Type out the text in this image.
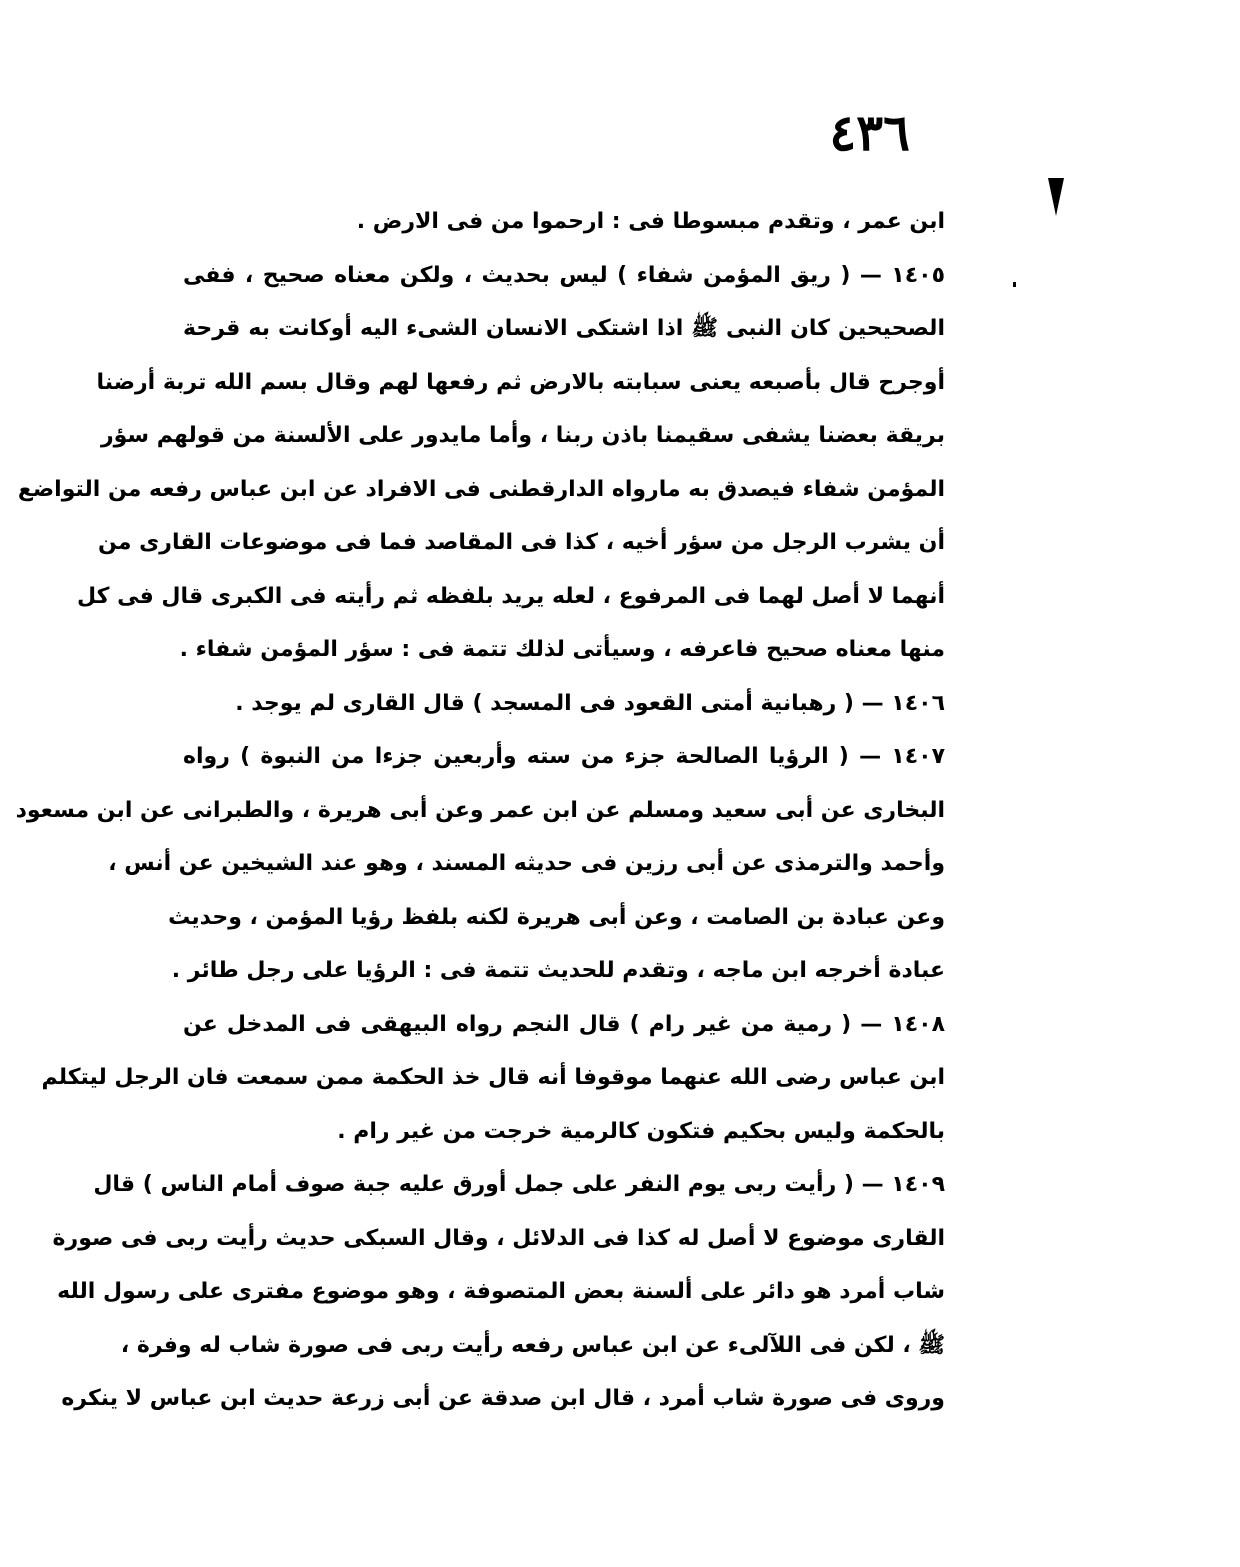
٤٣٦
ابن عمر ، وتقدم مبسوطا فى : ارحموا من فى الارض .
١٤٠٥ — ( ريق المؤمن شفاء ) ليس بحديث ، ولكن معناه صحيح ، ففى
الصحيحين كان النبى ﷺ اذا اشتكى الانسان الشىء اليه أوكانت به قرحة
أوجرح قال بأصبعه يعنى سبابته بالارض ثم رفعها لهم وقال بسم الله تربة أرضنا
بريقة بعضنا يشفى سقيمنا باذن ربنا ، وأما مايدور على الألسنة من قولهم سؤر
المؤمن شفاء فيصدق به مارواه الدارقطنى فى الافراد عن ابن عباس رفعه من التواضع
أن يشرب الرجل من سؤر أخيه ، كذا فى المقاصد فما فى موضوعات القارى من
أنهما لا أصل لهما فى المرفوع ، لعله يريد بلفظه ثم رأيته فى الكبرى قال فى كل
منها معناه صحيح فاعرفه ، وسيأتى لذلك تتمة فى : سؤر المؤمن شفاء .
١٤٠٦ — ( رهبانية أمتى القعود فى المسجد ) قال القارى لم يوجد .
١٤٠٧ — ( الرؤيا الصالحة جزء من سته وأربعين جزءا من النبوة ) رواه
البخارى عن أبى سعيد ومسلم عن ابن عمر وعن أبى هريرة ، والطبرانى عن ابن مسعود
وأحمد والترمذى عن أبى رزين فى حديثه المسند ، وهو عند الشيخين عن أنس ،
وعن عبادة بن الصامت ، وعن أبى هريرة لكنه بلفظ رؤيا المؤمن ، وحديث
عبادة أخرجه ابن ماجه ، وتقدم للحديث تتمة فى : الرؤيا على رجل طائر .
١٤٠٨ — ( رمية من غير رام ) قال النجم رواه البيهقى فى المدخل عن
ابن عباس رضى الله عنهما موقوفا أنه قال خذ الحكمة ممن سمعت فان الرجل ليتكلم
بالحكمة وليس بحكيم فتكون كالرمية خرجت من غير رام .
١٤٠٩ — ( رأيت ربى يوم النفر على جمل أورق عليه جبة صوف أمام الناس ) قال
القارى موضوع لا أصل له كذا فى الدلائل ، وقال السبكى حديث رأيت ربى فى صورة
شاب أمرد هو دائر على ألسنة بعض المتصوفة ، وهو موضوع مفترى على رسول الله
ﷺ ، لكن فى اللآلىء عن ابن عباس رفعه رأيت ربى فى صورة شاب له وفرة ،
وروى فى صورة شاب أمرد ، قال ابن صدقة عن أبى زرعة حديث ابن عباس لا ينكره
